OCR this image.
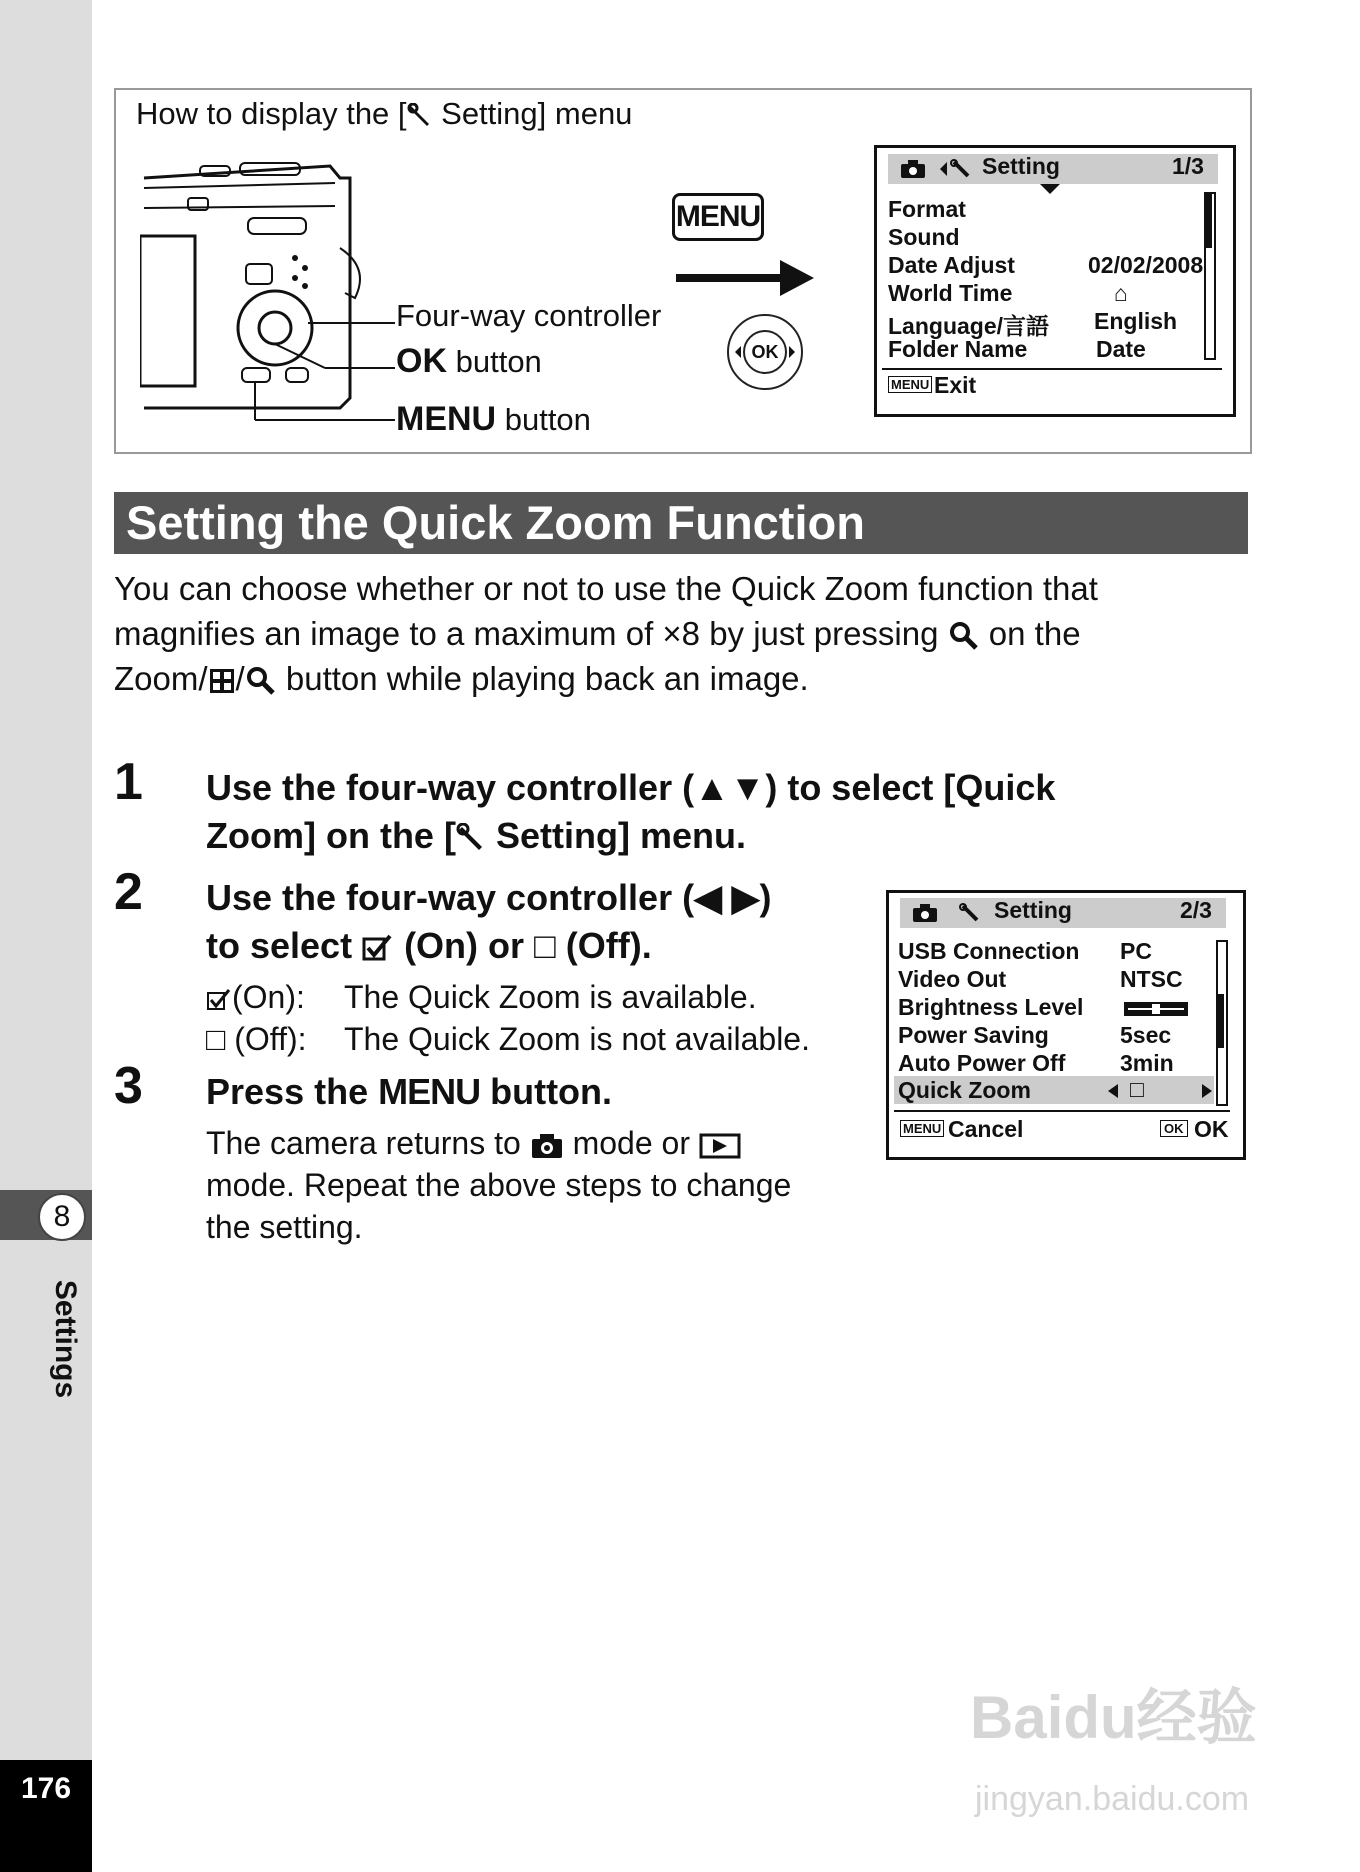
8
Settings
176
How to display the [ Setting] menu
Four-way controller
OK button
MENU button
MENU
OK
Setting	1/3
Format
Sound
Date Adjust	02/02/2008
World Time	⌂
Language/言語 English
Folder Name	Date
MENU Exit
Setting the Quick Zoom Function
You can choose whether or not to use the Quick Zoom function that
magnifies an image to a maximum of ×8 by just pressing  on the
Zoom/ / button while playing back an image.
1 Use the four-way controller (▲▼) to select [Quick
Zoom] on the [ Setting] menu.
2 Use the four-way controller (◀ ▶)
to select  (On) or □ (Off).
(On): The Quick Zoom is available.
□ (Off): The Quick Zoom is not available.
3 Press the MENU button.
The camera returns to  mode or
mode. Repeat the above steps to change
the setting.
Setting	2/3
USB Connection PC
Video Out	NTSC
Brightness Level
Power Saving	5sec
Auto Power Off 3min
Quick Zoom	□
MENU Cancel	OK OK
Baidu经验
jingyan.baidu.com
